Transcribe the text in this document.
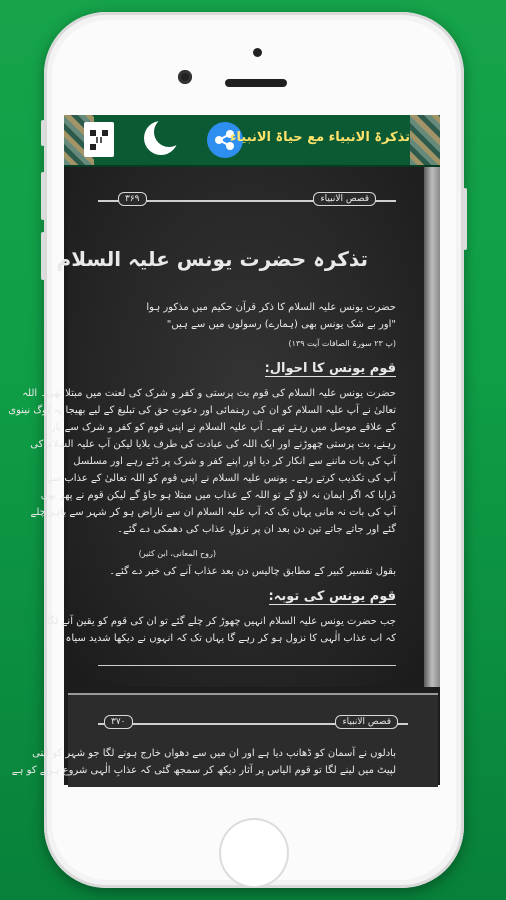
تذکرۃ الانبیاء مع حیاۃ الانبیاء
۳۶۹	قصص الانبیاء
تذکرہ حضرت یونس علیہ السلام
حضرت یونس علیہ السلام کا ذکر قرآن حکیم میں مذکور ہوا
"اور بے شک یونس بھی (ہمارے) رسولوں میں سے ہیں"
(پ ۲۳ سورۃ الصافات آیت ۱۳۹)
قوم یونس کا احوال:
حضرت یونس علیہ السلام کی قوم بت پرستی و کفر و شرک کی لعنت میں مبتلا تھی۔ اللہ
تعالیٰ نے آپ علیہ السلام کو ان کی رہنمائی اور دعوتِ حق کی تبلیغ کے لیے بھیجا یہ لوگ نینوی
کے علاقے موصل میں رہتے تھے۔ آپ علیہ السلام نے اپنی قوم کو کفر و شرک سے باز
رہنے، بت پرستی چھوڑنے اور ایک اللہ کی عبادت کی طرف بلایا لیکن آپ علیہ السلام کی
آپ کی بات ماننے سے انکار کر دیا اور اپنے کفر و شرک پر ڈٹے رہے اور مسلسل
آپ کی تکذیب کرتے رہے۔ یونس علیہ السلام نے اپنی قوم کو اللہ تعالیٰ کے عذاب سے
ڈرایا کہ اگر ایمان نہ لاؤ گے تو اللہ کے عذاب میں مبتلا ہو جاؤ گے لیکن قوم نے پھر بھی
آپ کی بات نہ مانی یہاں تک کہ آپ علیہ السلام ان سے ناراض ہو کر شہر سے باہر چلے
گئے اور جاتے جاتے تین دن بعد ان پر نزولِ عذاب کی دھمکی دے گئے۔
(روح المعانی، ابن کثیر)
بقول تفسیر کبیر کے مطابق چالیس دن بعد عذاب آنے کی خبر دے گئے۔
قوم یونس کی توبہ:
جب حضرت یونس علیہ السلام انہیں چھوڑ کر چلے گئے تو ان کی قوم کو یقین آنے لگا
کہ اب عذاب الٰہی کا نزول ہو کر رہے گا یہاں تک کہ انہوں نے دیکھا شدید سیاہ
۳۷۰	قصص الانبیاء
بادلوں نے آسمان کو ڈھانپ دیا ہے اور ان میں سے دھواں خارج ہونے لگا جو شہر کو اپنی
لپیٹ میں لینے لگا تو قوم الیاس پر آثار دیکھ کر سمجھ گئی کہ عذابِ الٰہی شروع ہونے کو ہے
